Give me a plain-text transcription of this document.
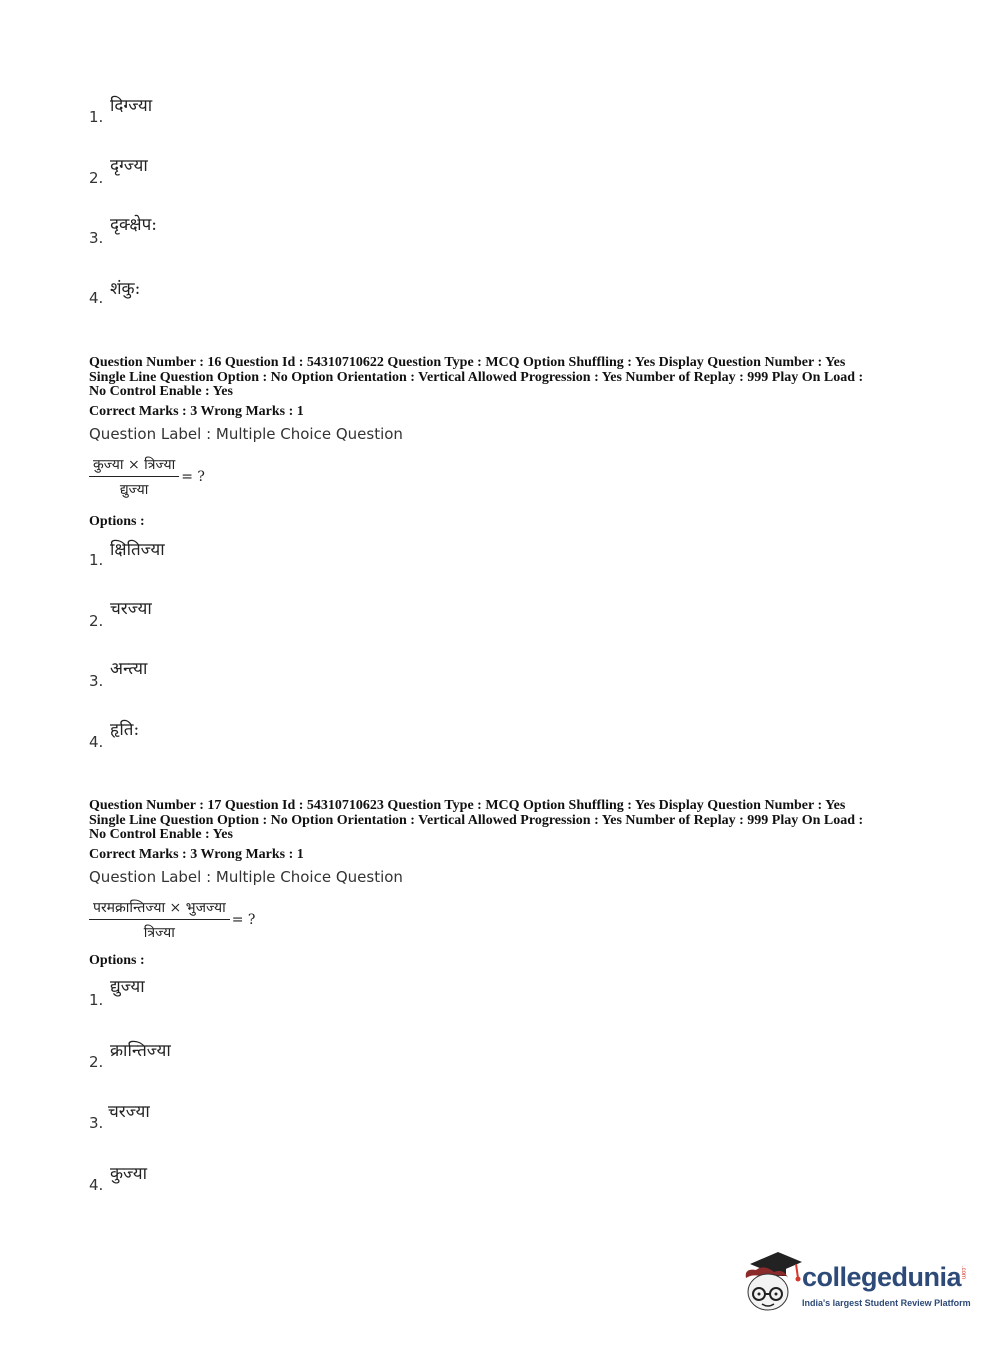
1.
दिग्ज्या
2.
दृग्ज्या
3.
दृक्क्षेप:
4. शंकु:
Question Number : 16 Question Id : 54310710622 Question Type : MCQ Option Shuffling : Yes Display Question Number : Yes
Single Line Question Option : No Option Orientation : Vertical Allowed Progression : Yes Number of Replay : 999 Play On Load :
No Control Enable : Yes
Correct Marks : 3 Wrong Marks : 1
Question Label : Multiple Choice Question
$\frac{\text{कुज्या × त्रिज्या}}{\text{द्युज्या}}$ = ?
Options :
1. क्षितिज्या
2.
चरज्या
3.
अन्त्या
4.
हृति:
Question Number : 17 Question Id : 54310710623 Question Type : MCQ Option Shuffling : Yes Display Question Number : Yes
Single Line Question Option : No Option Orientation : Vertical Allowed Progression : Yes Number of Replay : 999 Play On Load :
No Control Enable : Yes
Correct Marks : 3 Wrong Marks : 1
Question Label : Multiple Choice Question
$\frac{\text{परमक्रान्तिज्या × भुजज्या}}{\text{त्रिज्या}}$ = ?
Options :
1.
द्युज्या
2.
क्रान्तिज्या
3.
चरज्या
4.
कुज्या
collegedunia
.com
India's largest Student Review Platform
